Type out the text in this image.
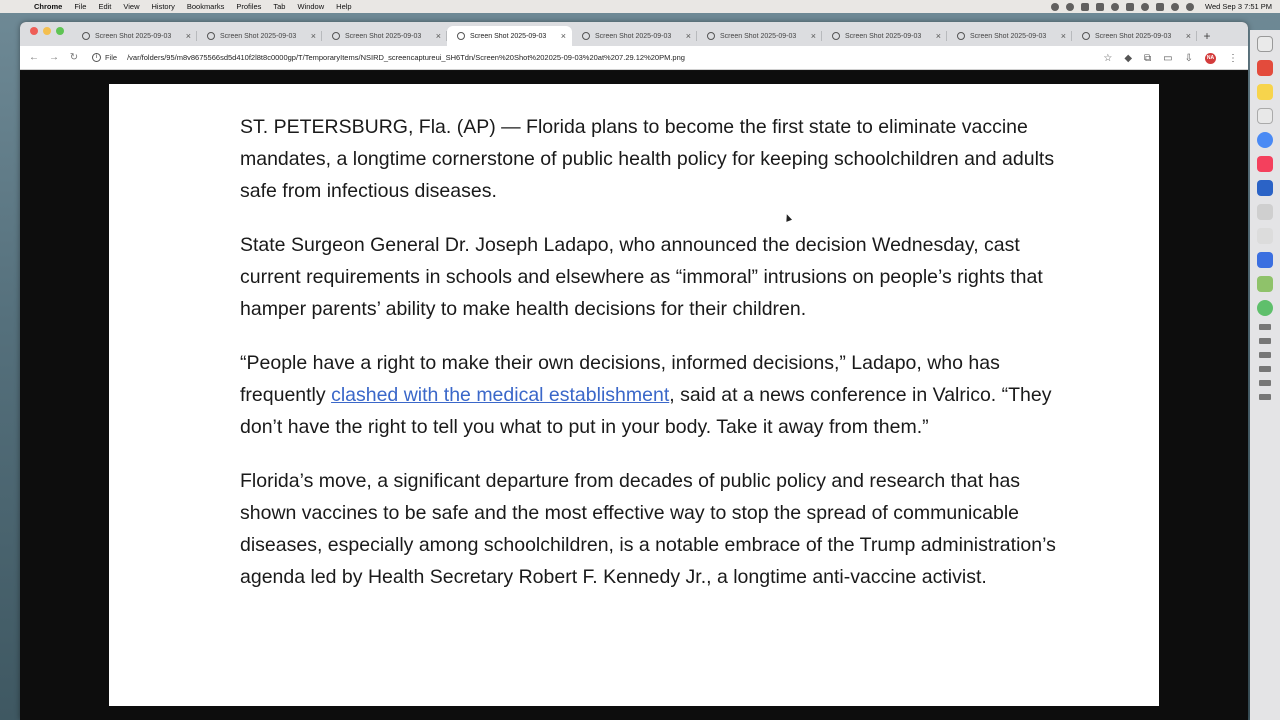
Chrome File Edit View History Bookmarks Profiles Tab Window Help	Wed Sep 3 7:51 PM
Screen Shot 2025-09-03	×	Screen Shot 2025-09-03	×	Screen Shot 2025-09-03	×	Screen Shot 2025-09-03	×	Screen Shot 2025-09-03	×	Screen Shot 2025-09-03	×	Screen Shot 2025-09-03	×	Screen Shot 2025-09-03	×	Screen Shot 2025-09-03	×	+
←	→	↻	i	File /var/folders/95/m8v8675566sd5d410f2l8t8c0000gp/T/TemporaryItems/NSIRD_screencaptureui_SH6Tdn/Screen%20Shot%202025-09-03%20at%207.29.12%20PM.png	☆ ◆ ⧉ ▭ ⇩	NA ⋮

ST. PETERSBURG, Fla. (AP) — Florida plans to become the first state to eliminate vaccine mandates, a longtime cornerstone of public health policy for keeping schoolchildren and adults safe from infectious diseases.

State Surgeon General Dr. Joseph Ladapo, who announced the decision Wednesday, cast current requirements in schools and elsewhere as “immoral” intrusions on people’s rights that hamper parents’ ability to make health decisions for their children.

“People have a right to make their own decisions, informed decisions,” Ladapo, who has frequently clashed with the medical establishment, said at a news conference in Valrico. “They don’t have the right to tell you what to put in your body. Take it away from them.”

Florida’s move, a significant departure from decades of public policy and research that has shown vaccines to be safe and the most effective way to stop the spread of communicable diseases, especially among schoolchildren, is a notable embrace of the Trump administration’s agenda led by Health Secretary Robert F. Kennedy Jr., a longtime anti-vaccine activist.
